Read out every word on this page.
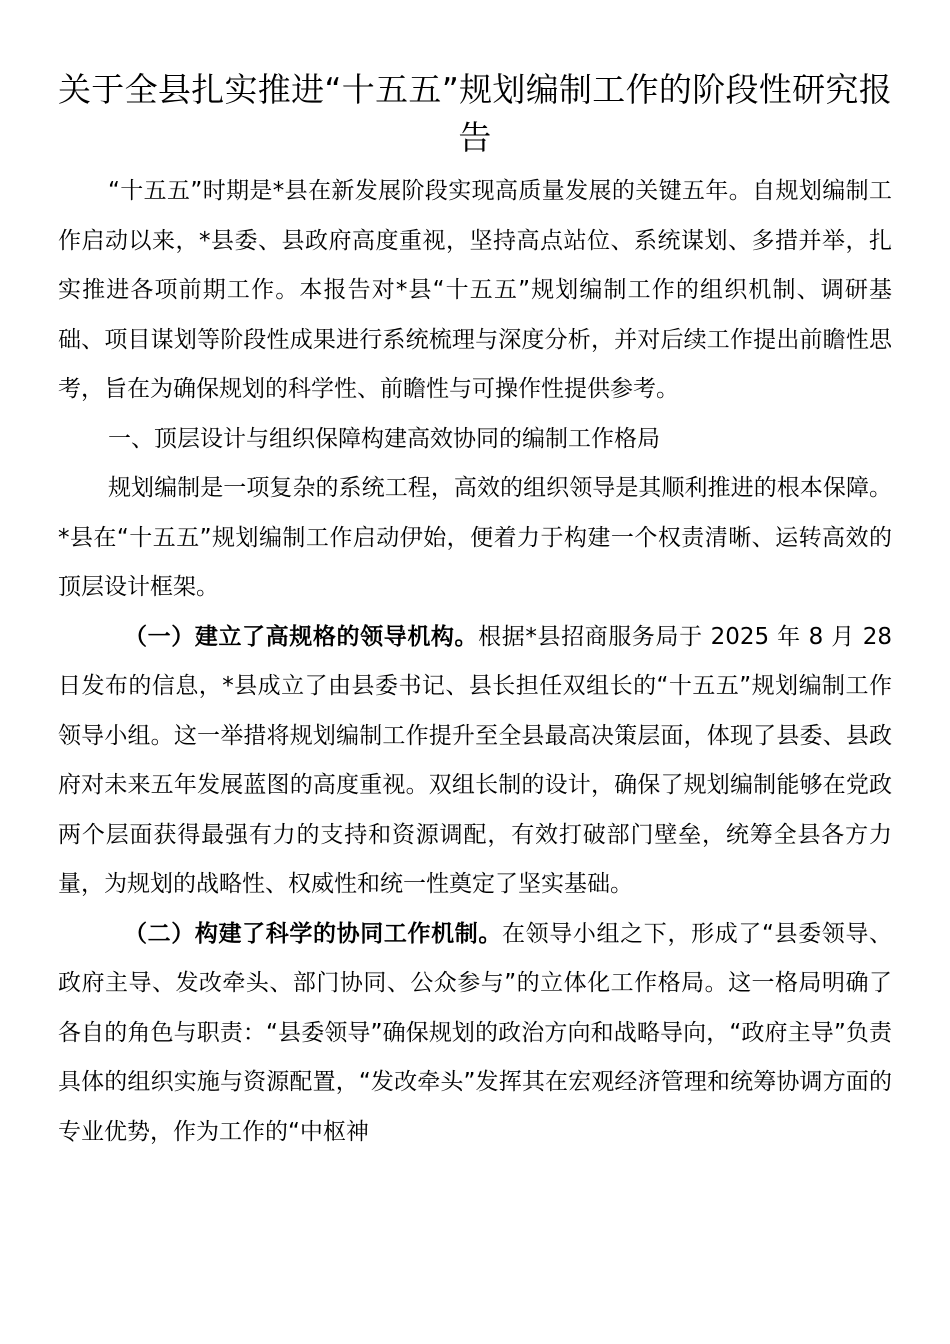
关于全县扎实推进“十五五”规划编制工作的阶段性研究报告

“十五五”时期是*县在新发展阶段实现高质量发展的关键五年。自规划编制工作启动以来，*县委、县政府高度重视，坚持高点站位、系统谋划、多措并举，扎实推进各项前期工作。本报告对*县“十五五”规划编制工作的组织机制、调研基础、项目谋划等阶段性成果进行系统梳理与深度分析，并对后续工作提出前瞻性思考，旨在为确保规划的科学性、前瞻性与可操作性提供参考。

一、顶层设计与组织保障构建高效协同的编制工作格局

规划编制是一项复杂的系统工程，高效的组织领导是其顺利推进的根本保障。*县在“十五五”规划编制工作启动伊始，便着力于构建一个权责清晰、运转高效的顶层设计框架。

（一）建立了高规格的领导机构。根据*县招商服务局于 2025 年 8 月 28 日发布的信息，*县成立了由县委书记、县长担任双组长的“十五五”规划编制工作领导小组。这一举措将规划编制工作提升至全县最高决策层面，体现了县委、县政府对未来五年发展蓝图的高度重视。双组长制的设计，确保了规划编制能够在党政两个层面获得最强有力的支持和资源调配，有效打破部门壁垒，统筹全县各方力量，为规划的战略性、权威性和统一性奠定了坚实基础。

（二）构建了科学的协同工作机制。在领导小组之下，形成了“县委领导、政府主导、发改牵头、部门协同、公众参与”的立体化工作格局。这一格局明确了各自的角色与职责：“县委领导”确保规划的政治方向和战略导向，“政府主导”负责具体的组织实施与资源配置，“发改牵头”发挥其在宏观经济管理和统筹协调方面的专业优势，作为工作的“中枢神
